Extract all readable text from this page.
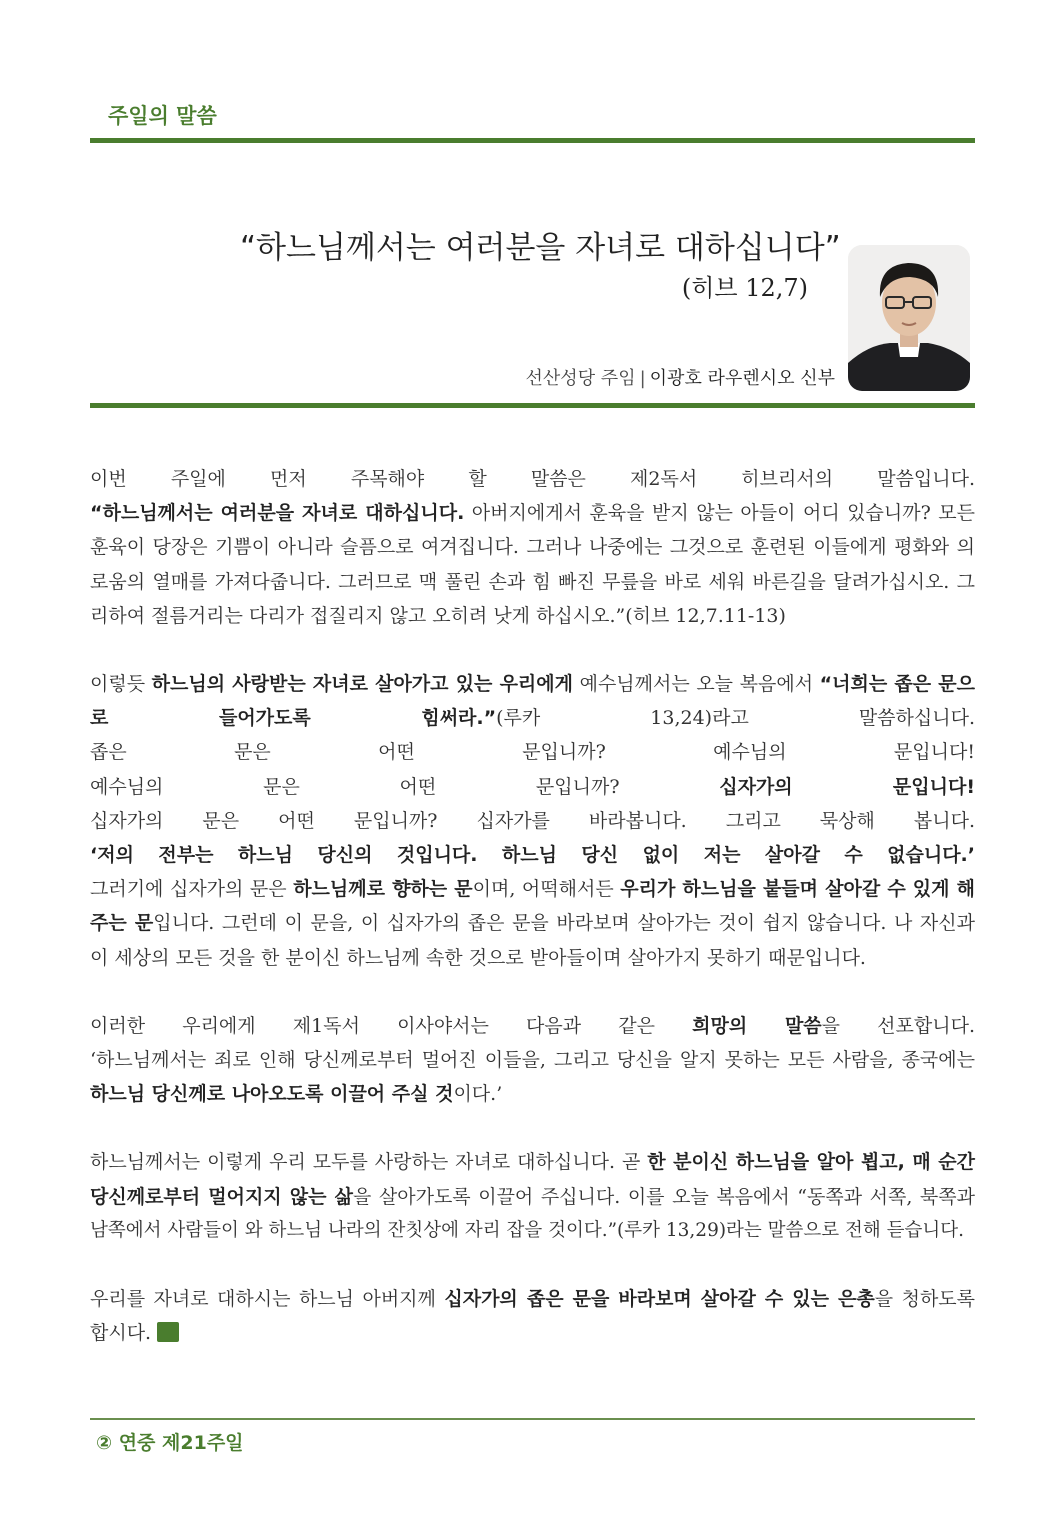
주일의 말씀
“하느님께서는 여러분을 자녀로 대하십니다”
(히브 12,7)
선산성당 주임 | 이광호 라우렌시오 신부
이번 주일에 먼저 주목해야 할 말씀은 제2독서 히브리서의 말씀입니다.
“하느님께서는 여러분을 자녀로 대하십니다. 아버지에게서 훈육을 받지 않는 아들이 어디 있습니까? 모든
훈육이 당장은 기쁨이 아니라 슬픔으로 여겨집니다. 그러나 나중에는 그것으로 훈련된 이들에게 평화와 의
로움의 열매를 가져다줍니다. 그러므로 맥 풀린 손과 힘 빠진 무릎을 바로 세워 바른길을 달려가십시오. 그
리하여 절름거리는 다리가 접질리지 않고 오히려 낫게 하십시오.”(히브 12,7.11-13)
이렇듯 하느님의 사랑받는 자녀로 살아가고 있는 우리에게 예수님께서는 오늘 복음에서 “너희는 좁은 문으
로 들어가도록 힘써라.”(루카 13,24)라고 말씀하십니다.
좁은 문은 어떤 문입니까? 예수님의 문입니다!
예수님의 문은 어떤 문입니까? 십자가의 문입니다!
십자가의 문은 어떤 문입니까? 십자가를 바라봅니다. 그리고 묵상해 봅니다.
‘저의 전부는 하느님 당신의 것입니다. 하느님 당신 없이 저는 살아갈 수 없습니다.’
그러기에 십자가의 문은 하느님께로 향하는 문이며, 어떡해서든 우리가 하느님을 붙들며 살아갈 수 있게 해
주는 문입니다. 그런데 이 문을, 이 십자가의 좁은 문을 바라보며 살아가는 것이 쉽지 않습니다. 나 자신과
이 세상의 모든 것을 한 분이신 하느님께 속한 것으로 받아들이며 살아가지 못하기 때문입니다.
이러한 우리에게 제1독서 이사야서는 다음과 같은 희망의 말씀을 선포합니다.
‘하느님께서는 죄로 인해 당신께로부터 멀어진 이들을, 그리고 당신을 알지 못하는 모든 사람을, 종국에는
하느님 당신께로 나아오도록 이끌어 주실 것이다.’
하느님께서는 이렇게 우리 모두를 사랑하는 자녀로 대하십니다. 곧 한 분이신 하느님을 알아 뵙고, 매 순간
당신께로부터 멀어지지 않는 삶을 살아가도록 이끌어 주십니다. 이를 오늘 복음에서 “동쪽과 서쪽, 북쪽과
남쪽에서 사람들이 와 하느님 나라의 잔칫상에 자리 잡을 것이다.”(루카 13,29)라는 말씀으로 전해 듣습니다.
우리를 자녀로 대하시는 하느님 아버지께 십자가의 좁은 문을 바라보며 살아갈 수 있는 은총을 청하도록
합시다.
② 연중 제21주일
